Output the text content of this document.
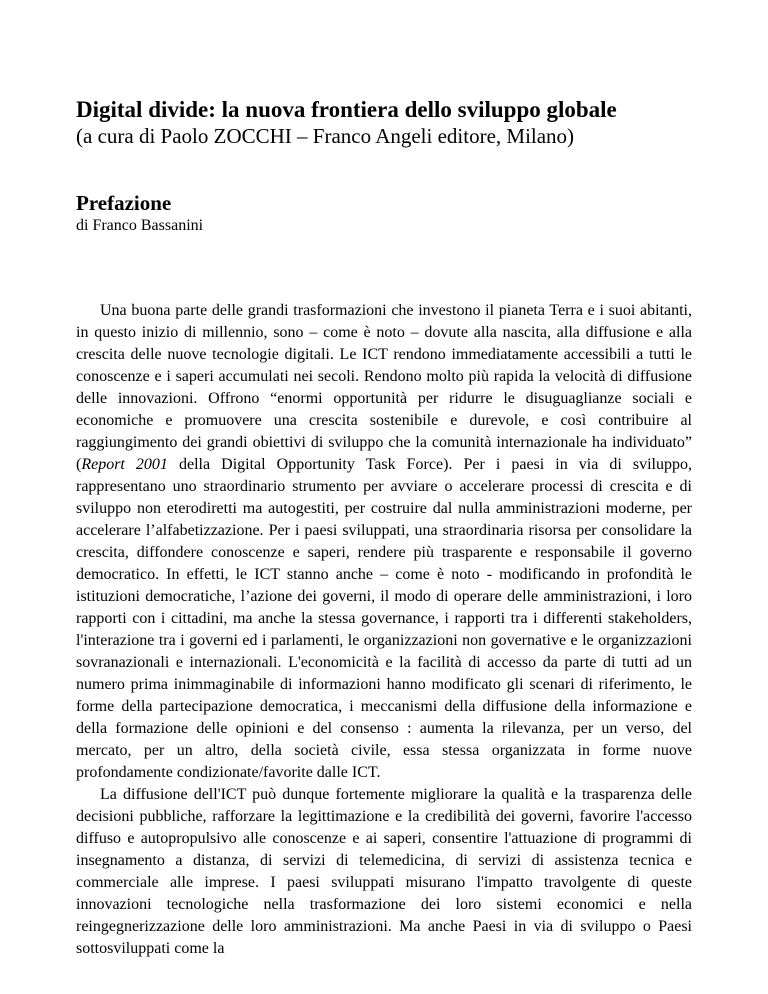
Digital divide: la nuova frontiera dello sviluppo globale
(a cura di Paolo ZOCCHI – Franco Angeli editore, Milano)
Prefazione
di Franco Bassanini

Una buona parte delle grandi trasformazioni che investono il pianeta Terra e i suoi abitanti, in questo inizio di millennio, sono – come è noto – dovute alla nascita, alla diffusione e alla crescita delle nuove tecnologie digitali. Le ICT rendono immediatamente accessibili a tutti le conoscenze e i saperi accumulati nei secoli. Rendono molto più rapida la velocità di diffusione delle innovazioni. Offrono “enormi opportunità per ridurre le disuguaglianze sociali e economiche e promuovere una crescita sostenibile e durevole, e così contribuire al raggiungimento dei grandi obiettivi di sviluppo che la comunità internazionale ha individuato” (Report 2001 della Digital Opportunity Task Force). Per i paesi in via di sviluppo, rappresentano uno straordinario strumento per avviare o accelerare processi di crescita e di sviluppo non eterodiretti ma autogestiti, per costruire dal nulla amministrazioni moderne, per accelerare l’alfabetizzazione. Per i paesi sviluppati, una straordinaria risorsa per consolidare la crescita, diffondere conoscenze e saperi, rendere più trasparente e responsabile il governo democratico. In effetti, le ICT stanno anche – come è noto - modificando in profondità le istituzioni democratiche, l’azione dei governi, il modo di operare delle amministrazioni, i loro rapporti con i cittadini, ma anche la stessa governance, i rapporti tra i differenti stakeholders, l'interazione tra i governi ed i parlamenti, le organizzazioni non governative e le organizzazioni sovranazionali e internazionali. L'economicità e la facilità di accesso da parte di tutti ad un numero prima inimmaginabile di informazioni hanno modificato gli scenari di riferimento, le forme della partecipazione democratica, i meccanismi della diffusione della informazione e della formazione delle opinioni e del consenso : aumenta la rilevanza, per un verso, del mercato, per un altro, della società civile, essa stessa organizzata in forme nuove profondamente condizionate/favorite dalle ICT.

La diffusione dell'ICT può dunque fortemente migliorare la qualità e la trasparenza delle decisioni pubbliche, rafforzare la legittimazione e la credibilità dei governi, favorire l'accesso diffuso e autopropulsivo alle conoscenze e ai saperi, consentire l'attuazione di programmi di insegnamento a distanza, di servizi di telemedicina, di servizi di assistenza tecnica e commerciale alle imprese. I paesi sviluppati misurano l'impatto travolgente di queste innovazioni tecnologiche nella trasformazione dei loro sistemi economici e nella reingegnerizzazione delle loro amministrazioni. Ma anche Paesi in via di sviluppo o Paesi sottosviluppati come la
